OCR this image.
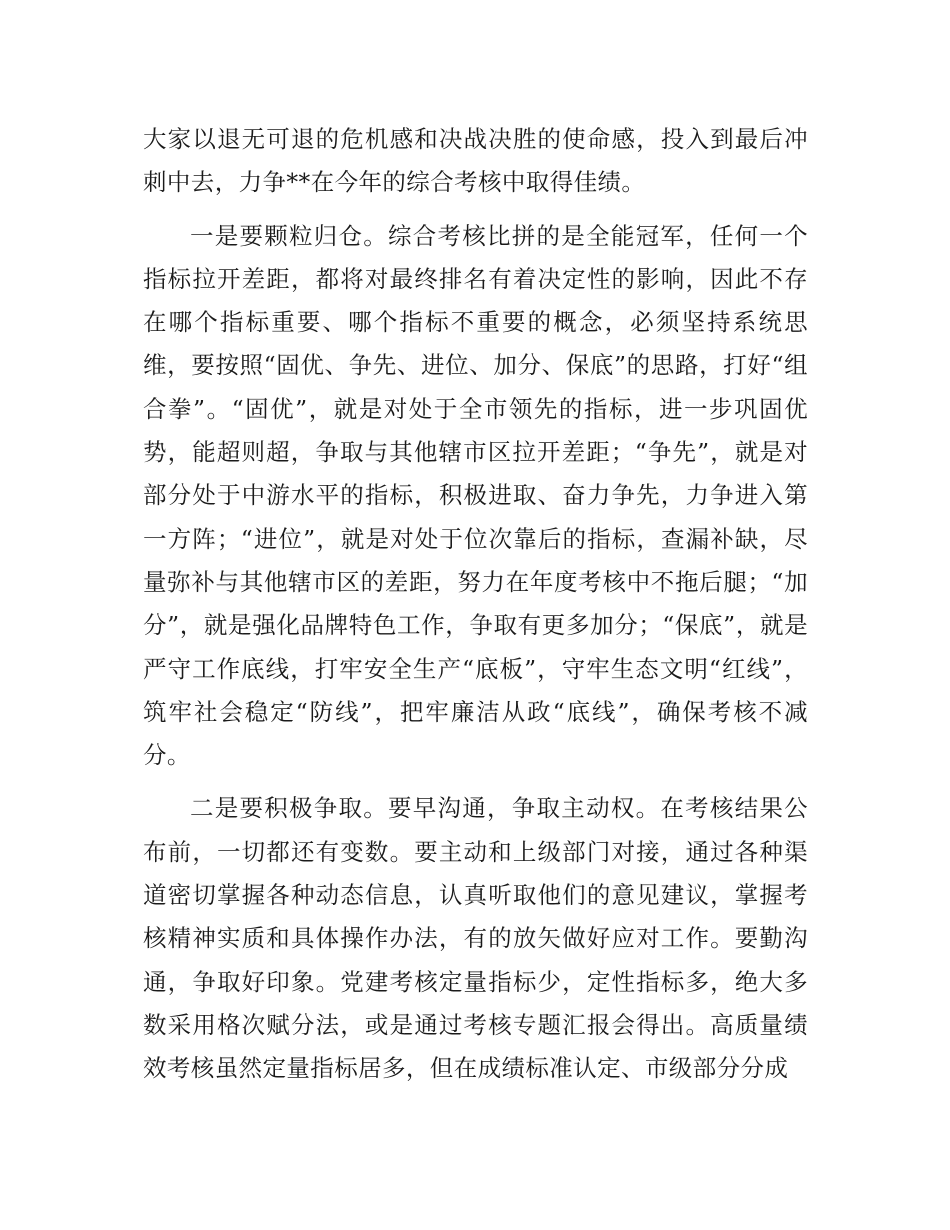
大家以退无可退的危机感和决战决胜的使命感，投入到最后冲刺中去，力争**在今年的综合考核中取得佳绩。

一是要颗粒归仓。综合考核比拼的是全能冠军，任何一个指标拉开差距，都将对最终排名有着决定性的影响，因此不存在哪个指标重要、哪个指标不重要的概念，必须坚持系统思维，要按照“固优、争先、进位、加分、保底”的思路，打好“组合拳”。“固优”，就是对处于全市领先的指标，进一步巩固优势，能超则超，争取与其他辖市区拉开差距；“争先”，就是对部分处于中游水平的指标，积极进取、奋力争先，力争进入第一方阵；“进位”，就是对处于位次靠后的指标，查漏补缺，尽量弥补与其他辖市区的差距，努力在年度考核中不拖后腿；“加分”，就是强化品牌特色工作，争取有更多加分；“保底”，就是严守工作底线，打牢安全生产“底板”，守牢生态文明“红线”，筑牢社会稳定“防线”，把牢廉洁从政“底线”，确保考核不减分。

二是要积极争取。要早沟通，争取主动权。在考核结果公布前，一切都还有变数。要主动和上级部门对接，通过各种渠道密切掌握各种动态信息，认真听取他们的意见建议，掌握考核精神实质和具体操作办法，有的放矢做好应对工作。要勤沟通，争取好印象。党建考核定量指标少，定性指标多，绝大多数采用格次赋分法，或是通过考核专题汇报会得出。高质量绩效考核虽然定量指标居多，但在成绩标准认定、市级部分分成
